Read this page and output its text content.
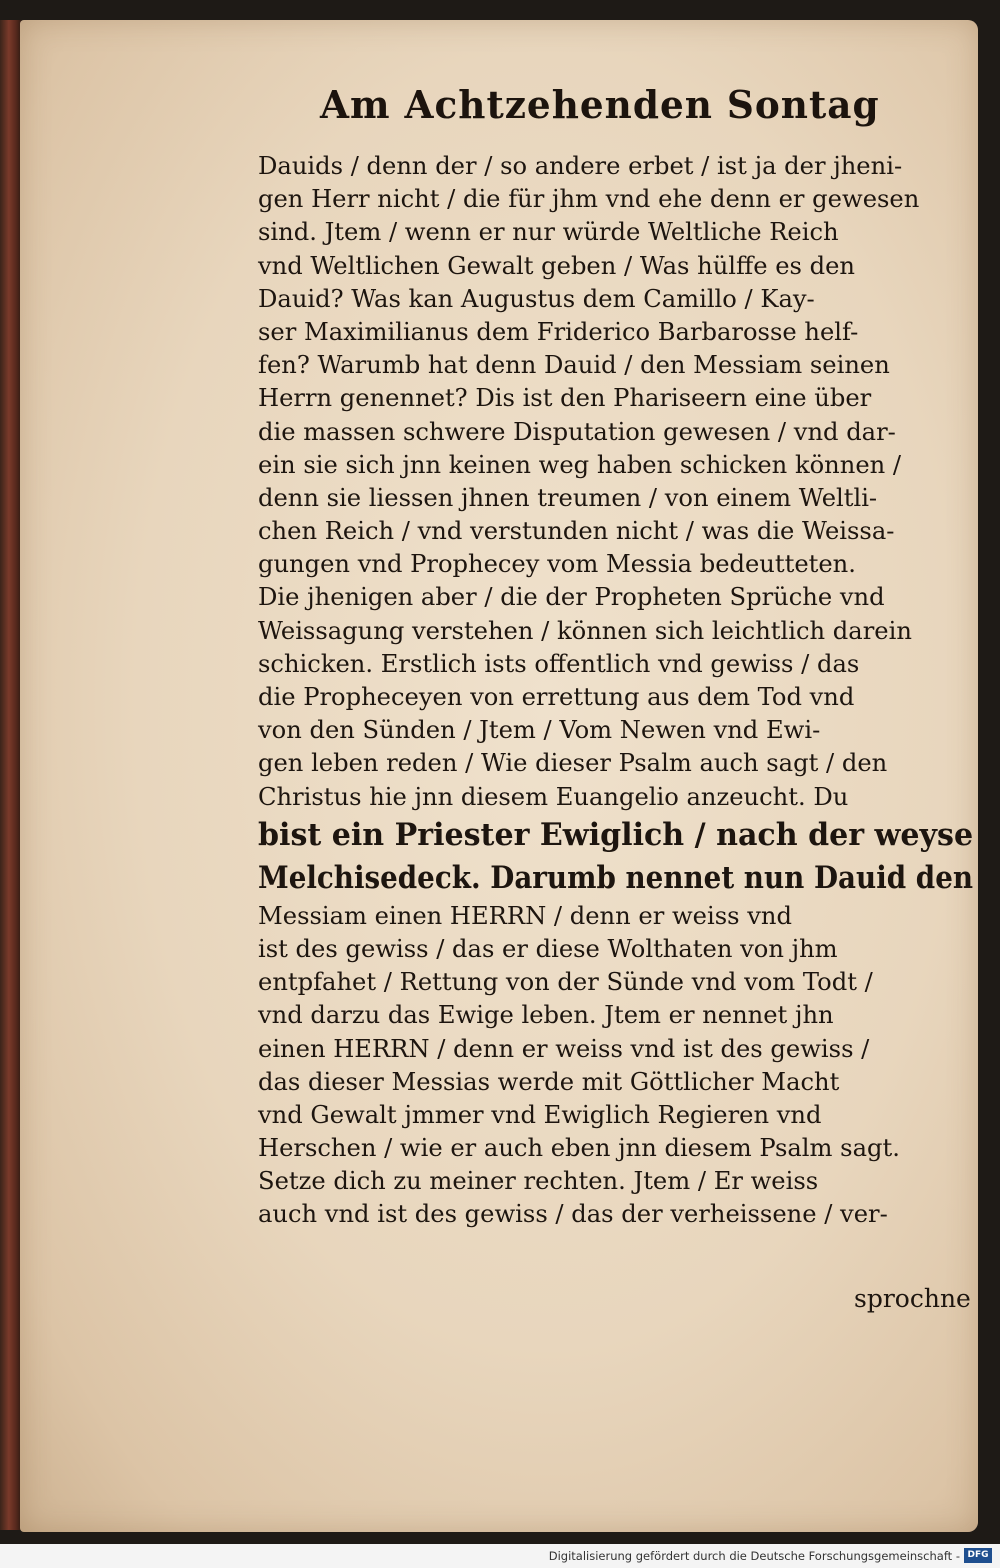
Am Achtzehenden Sontag
Dauids / denn der / so andere erbet / ist ja der jheni-
gen Herr nicht / die für jhm vnd ehe denn er gewesen
sind. Jtem / wenn er nur würde Weltliche Reich
vnd Weltlichen Gewalt geben / Was hülffe es den
Dauid? Was kan Augustus dem Camillo / Kay-
ser Maximilianus dem Friderico Barbarosse helf-
fen? Warumb hat denn Dauid / den Messiam seinen
Herrn genennet? Dis ist den Phariseern eine über
die massen schwere Disputation gewesen / vnd dar-
ein sie sich jnn keinen weg haben schicken können /
denn sie liessen jhnen treumen / von einem Weltli-
chen Reich / vnd verstunden nicht / was die Weissa-
gungen vnd Prophecey vom Messia bedeutteten.
Die jhenigen aber / die der Propheten Sprüche vnd
Weissagung verstehen / können sich leichtlich darein
schicken. Erstlich ists offentlich vnd gewiss / das
die Propheceyen von errettung aus dem Tod vnd
von den Sünden / Jtem / Vom Newen vnd Ewi-
gen leben reden / Wie dieser Psalm auch sagt / den
Christus hie jnn diesem Euangelio anzeucht. Du
bist ein Priester Ewiglich / nach der weyse
Melchisedeck. Darumb nennet nun Dauid den
Messiam einen HERRN / denn er weiss vnd
ist des gewiss / das er diese Wolthaten von jhm
entpfahet / Rettung von der Sünde vnd vom Todt /
vnd darzu das Ewige leben. Jtem er nennet jhn
einen HERRN / denn er weiss vnd ist des gewiss /
das dieser Messias werde mit Göttlicher Macht
vnd Gewalt jmmer vnd Ewiglich Regieren vnd
Herschen / wie er auch eben jnn diesem Psalm sagt.
Setze dich zu meiner rechten. Jtem / Er weiss
auch vnd ist des gewiss / das der verheissene / ver-
sprochne
Digitalisierung gefördert durch die Deutsche Forschungsgemeinschaft - DFG
